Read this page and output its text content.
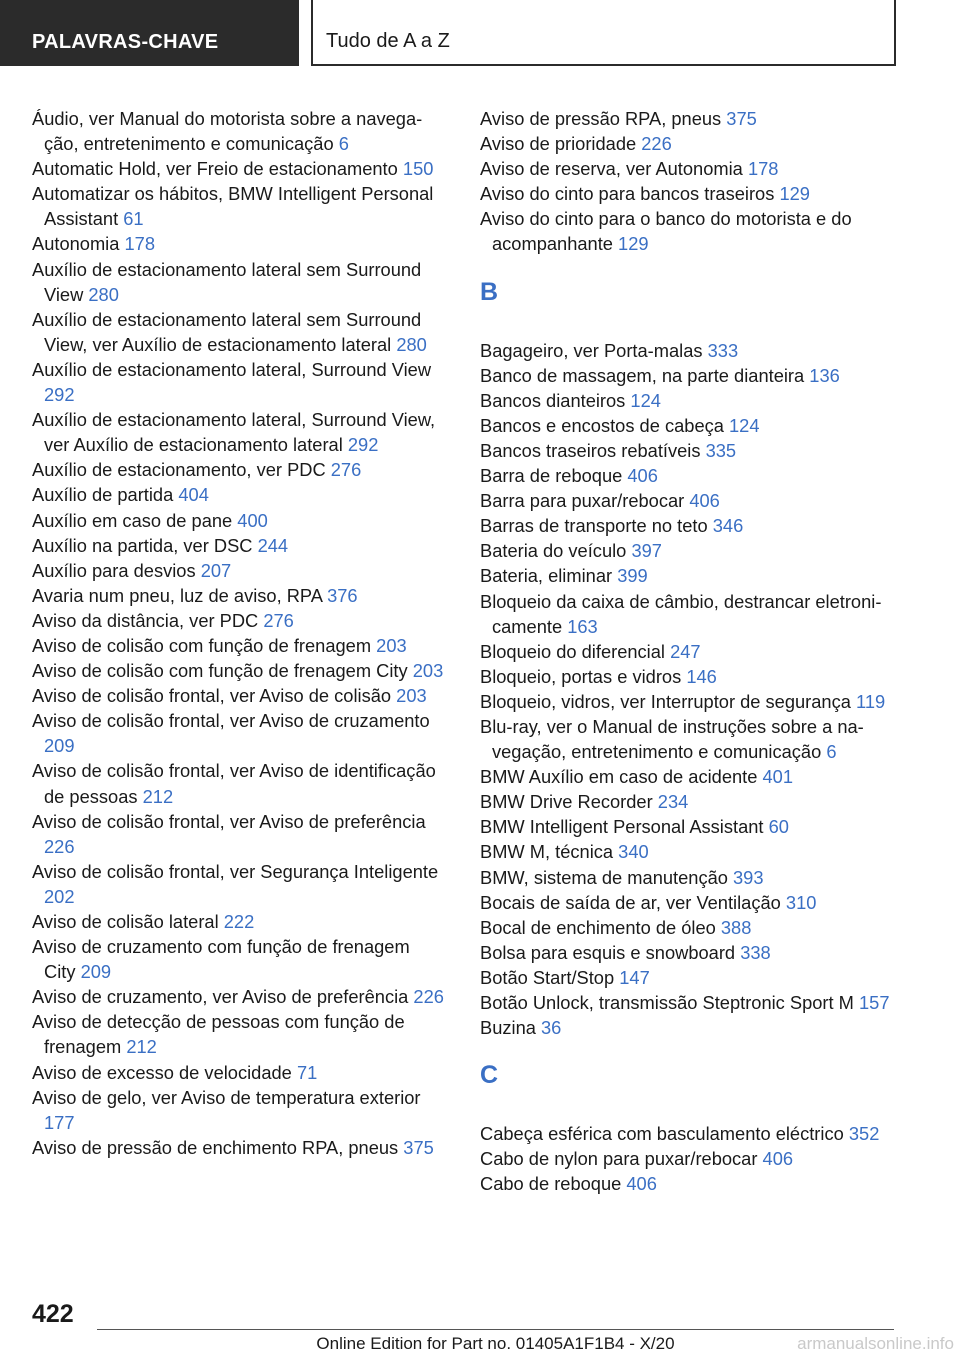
PALAVRAS-CHAVE	Tudo de A a Z
Áudio, ver Manual do motorista sobre a navegação, entretenimento e comunicação 6
Automatic Hold, ver Freio de estacionamento 150
Automatizar os hábitos, BMW Intelligent Personal Assistant 61
Autonomia 178
Auxílio de estacionamento lateral sem Surround View 280
Auxílio de estacionamento lateral sem Surround View, ver Auxílio de estacionamento lateral 280
Auxílio de estacionamento lateral, Surround View 292
Auxílio de estacionamento lateral, Surround View, ver Auxílio de estacionamento lateral 292
Auxílio de estacionamento, ver PDC 276
Auxílio de partida 404
Auxílio em caso de pane 400
Auxílio na partida, ver DSC 244
Auxílio para desvios 207
Avaria num pneu, luz de aviso, RPA 376
Aviso da distância, ver PDC 276
Aviso de colisão com função de frenagem 203
Aviso de colisão com função de frenagem City 203
Aviso de colisão frontal, ver Aviso de colisão 203
Aviso de colisão frontal, ver Aviso de cruzamento 209
Aviso de colisão frontal, ver Aviso de identificação de pessoas 212
Aviso de colisão frontal, ver Aviso de preferência 226
Aviso de colisão frontal, ver Segurança Inteligente 202
Aviso de colisão lateral 222
Aviso de cruzamento com função de frenagem City 209
Aviso de cruzamento, ver Aviso de preferência 226
Aviso de detecção de pessoas com função de frenagem 212
Aviso de excesso de velocidade 71
Aviso de gelo, ver Aviso de temperatura exterior 177
Aviso de pressão de enchimento RPA, pneus 375
Aviso de pressão RPA, pneus 375
Aviso de prioridade 226
Aviso de reserva, ver Autonomia 178
Aviso do cinto para bancos traseiros 129
Aviso do cinto para o banco do motorista e do acompanhante 129
B
Bagageiro, ver Porta-malas 333
Banco de massagem, na parte dianteira 136
Bancos dianteiros 124
Bancos e encostos de cabeça 124
Bancos traseiros rebatíveis 335
Barra de reboque 406
Barra para puxar/rebocar 406
Barras de transporte no teto 346
Bateria do veículo 397
Bateria, eliminar 399
Bloqueio da caixa de câmbio, destrancar eletronicamente 163
Bloqueio do diferencial 247
Bloqueio, portas e vidros 146
Bloqueio, vidros, ver Interruptor de segurança 119
Blu-ray, ver o Manual de instruções sobre a navegação, entretenimento e comunicação 6
BMW Auxílio em caso de acidente 401
BMW Drive Recorder 234
BMW Intelligent Personal Assistant 60
BMW M, técnica 340
BMW, sistema de manutenção 393
Bocais de saída de ar, ver Ventilação 310
Bocal de enchimento de óleo 388
Bolsa para esquis e snowboard 338
Botão Start/Stop 147
Botão Unlock, transmissão Steptronic Sport M 157
Buzina 36
C
Cabeça esférica com basculamento eléctrico 352
Cabo de nylon para puxar/rebocar 406
Cabo de reboque 406
422
Online Edition for Part no. 01405A1F1B4 - X/20	armanualsonline.info
